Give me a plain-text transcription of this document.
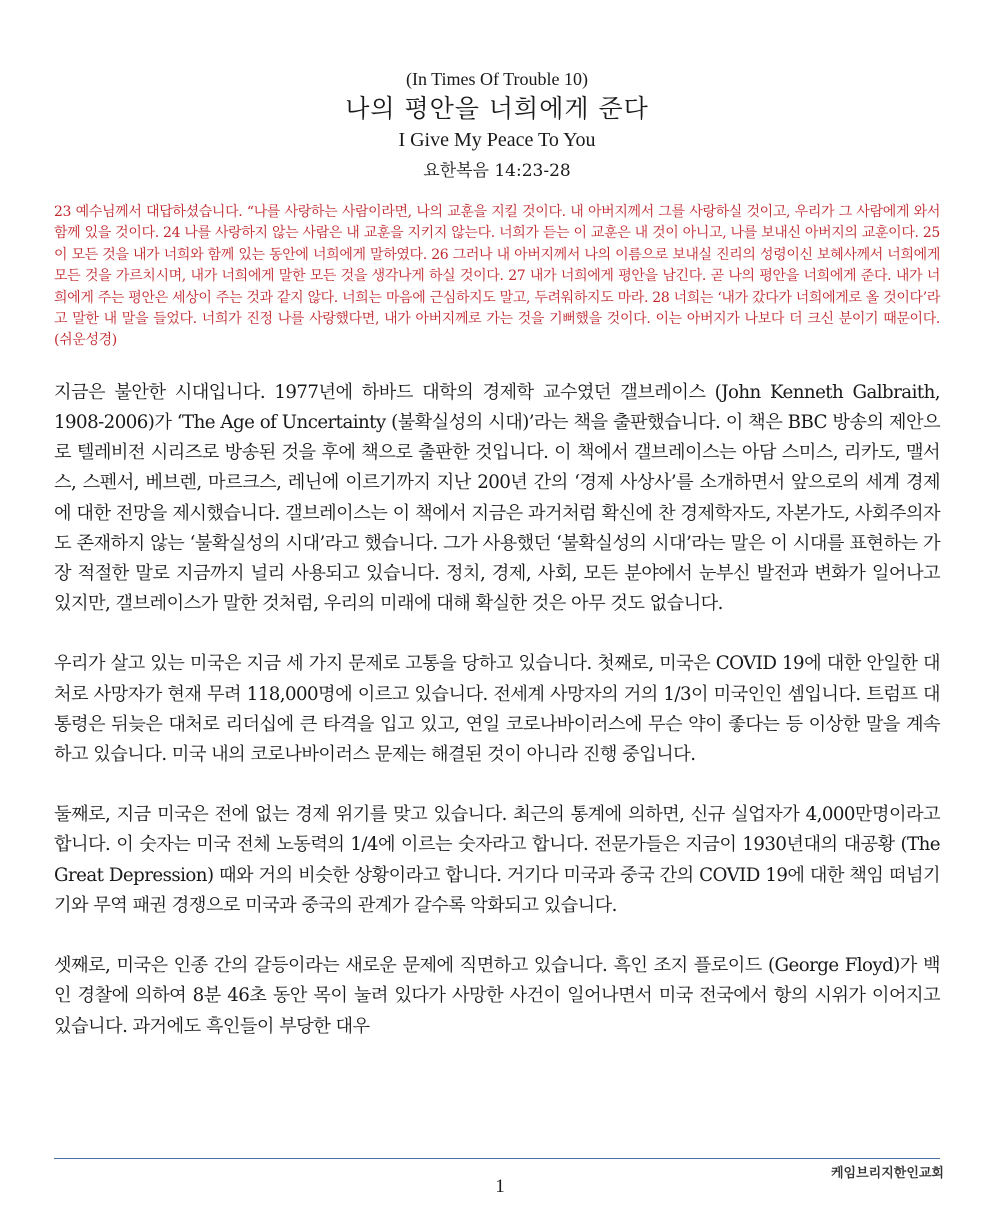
(In Times Of Trouble 10)
나의 평안을 너희에게 준다
I Give My Peace To You
요한복음 14:23-28
23 예수님께서 대답하셨습니다. “나를 사랑하는 사람이라면, 나의 교훈을 지킬 것이다. 내 아버지께서 그를 사랑하실 것이고, 우리가 그 사람에게 와서 함께 있을 것이다. 24 나를 사랑하지 않는 사람은 내 교훈을 지키지 않는다. 너희가 듣는 이 교훈은 내 것이 아니고, 나를 보내신 아버지의 교훈이다. 25 이 모든 것을 내가 너희와 함께 있는 동안에 너희에게 말하였다. 26 그러나 내 아버지께서 나의 이름으로 보내실 진리의 성령이신 보혜사께서 너희에게 모든 것을 가르치시며, 내가 너희에게 말한 모든 것을 생각나게 하실 것이다. 27 내가 너희에게 평안을 남긴다. 곧 나의 평안을 너희에게 준다. 내가 너희에게 주는 평안은 세상이 주는 것과 같지 않다. 너희는 마음에 근심하지도 말고, 두려워하지도 마라. 28 너희는 ‘내가 갔다가 너희에게로 올 것이다’라고 말한 내 말을 들었다. 너희가 진정 나를 사랑했다면, 내가 아버지께로 가는 것을 기뻐했을 것이다. 이는 아버지가 나보다 더 크신 분이기 때문이다. (쉬운성경)

지금은 불안한 시대입니다. 1977년에 하바드 대학의 경제학 교수였던 갤브레이스 (John Kenneth Galbraith, 1908-2006)가 ‘The Age of Uncertainty (불확실성의 시대)’라는 책을 출판했습니다. 이 책은 BBC 방송의 제안으로 텔레비전 시리즈로 방송된 것을 후에 책으로 출판한 것입니다. 이 책에서 갤브레이스는 아담 스미스, 리카도, 맬서스, 스펜서, 베브렌, 마르크스, 레닌에 이르기까지 지난 200년 간의 ‘경제 사상사’를 소개하면서 앞으로의 세계 경제에 대한 전망을 제시했습니다. 갤브레이스는 이 책에서 지금은 과거처럼 확신에 찬 경제학자도, 자본가도, 사회주의자도 존재하지 않는 ‘불확실성의 시대’라고 했습니다. 그가 사용했던 ‘불확실성의 시대’라는 말은 이 시대를 표현하는 가장 적절한 말로 지금까지 널리 사용되고 있습니다. 정치, 경제, 사회, 모든 분야에서 눈부신 발전과 변화가 일어나고 있지만, 갤브레이스가 말한 것처럼, 우리의 미래에 대해 확실한 것은 아무 것도 없습니다.

우리가 살고 있는 미국은 지금 세 가지 문제로 고통을 당하고 있습니다. 첫째로, 미국은 COVID 19에 대한 안일한 대처로 사망자가 현재 무려 118,000명에 이르고 있습니다. 전세계 사망자의 거의 1/3이 미국인인 셈입니다. 트럼프 대통령은 뒤늦은 대처로 리더십에 큰 타격을 입고 있고, 연일 코로나바이러스에 무슨 약이 좋다는 등 이상한 말을 계속하고 있습니다. 미국 내의 코로나바이러스 문제는 해결된 것이 아니라 진행 중입니다.

둘째로, 지금 미국은 전에 없는 경제 위기를 맞고 있습니다. 최근의 통계에 의하면, 신규 실업자가 4,000만명이라고 합니다. 이 숫자는 미국 전체 노동력의 1/4에 이르는 숫자라고 합니다. 전문가들은 지금이 1930년대의 대공황 (The Great Depression) 때와 거의 비슷한 상황이라고 합니다. 거기다 미국과 중국 간의 COVID 19에 대한 책임 떠넘기기와 무역 패권 경쟁으로 미국과 중국의 관계가 갈수록 악화되고 있습니다.

셋째로, 미국은 인종 간의 갈등이라는 새로운 문제에 직면하고 있습니다. 흑인 조지 플로이드 (George Floyd)가 백인 경찰에 의하여 8분 46초 동안 목이 눌려 있다가 사망한 사건이 일어나면서 미국 전국에서 항의 시위가 이어지고 있습니다. 과거에도 흑인들이 부당한 대우

케임브리지한인교회
1
